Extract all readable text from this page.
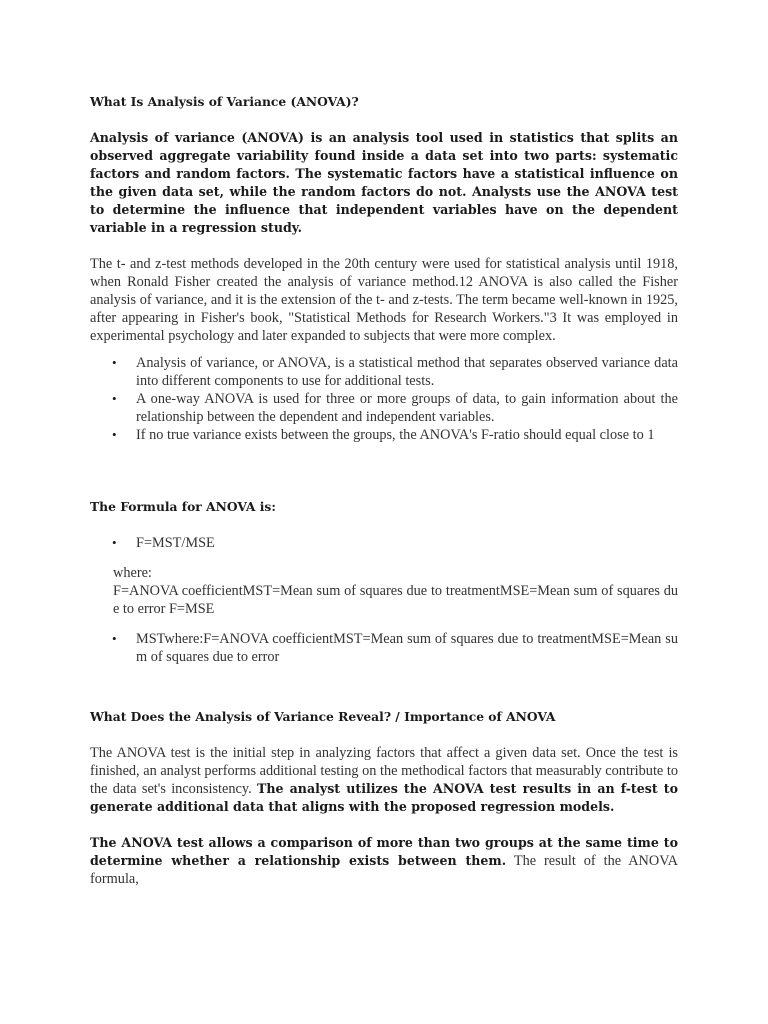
What Is Analysis of Variance (ANOVA)?

Analysis of variance (ANOVA) is an analysis tool used in statistics that splits an observed aggregate variability found inside a data set into two parts: systematic factors and random factors. The systematic factors have a statistical influence on the given data set, while the random factors do not. Analysts use the ANOVA test to determine the influence that independent variables have on the dependent variable in a regression study.

The t- and z-test methods developed in the 20th century were used for statistical analysis until 1918, when Ronald Fisher created the analysis of variance method.12 ANOVA is also called the Fisher analysis of variance, and it is the extension of the t- and z-tests. The term became well-known in 1925, after appearing in Fisher's book, "Statistical Methods for Research Workers."3 It was employed in experimental psychology and later expanded to subjects that were more complex.

• Analysis of variance, or ANOVA, is a statistical method that separates observed variance data into different components to use for additional tests.
• A one-way ANOVA is used for three or more groups of data, to gain information about the relationship between the dependent and independent variables.
• If no true variance exists between the groups, the ANOVA's F-ratio should equal close to 1

The Formula for ANOVA is:

• F=MST/MSE
where:
F=ANOVA coefficientMST=Mean sum of squares due to treatmentMSE=Mean sum of squares due to error F=MSE
• MSTwhere:F=ANOVA coefficientMST=Mean sum of squares due to treatmentMSE=Mean sum of squares due to error

What Does the Analysis of Variance Reveal? / Importance of ANOVA

The ANOVA test is the initial step in analyzing factors that affect a given data set. Once the test is finished, an analyst performs additional testing on the methodical factors that measurably contribute to the data set's inconsistency. The analyst utilizes the ANOVA test results in an f-test to generate additional data that aligns with the proposed regression models.

The ANOVA test allows a comparison of more than two groups at the same time to determine whether a relationship exists between them. The result of the ANOVA formula,
